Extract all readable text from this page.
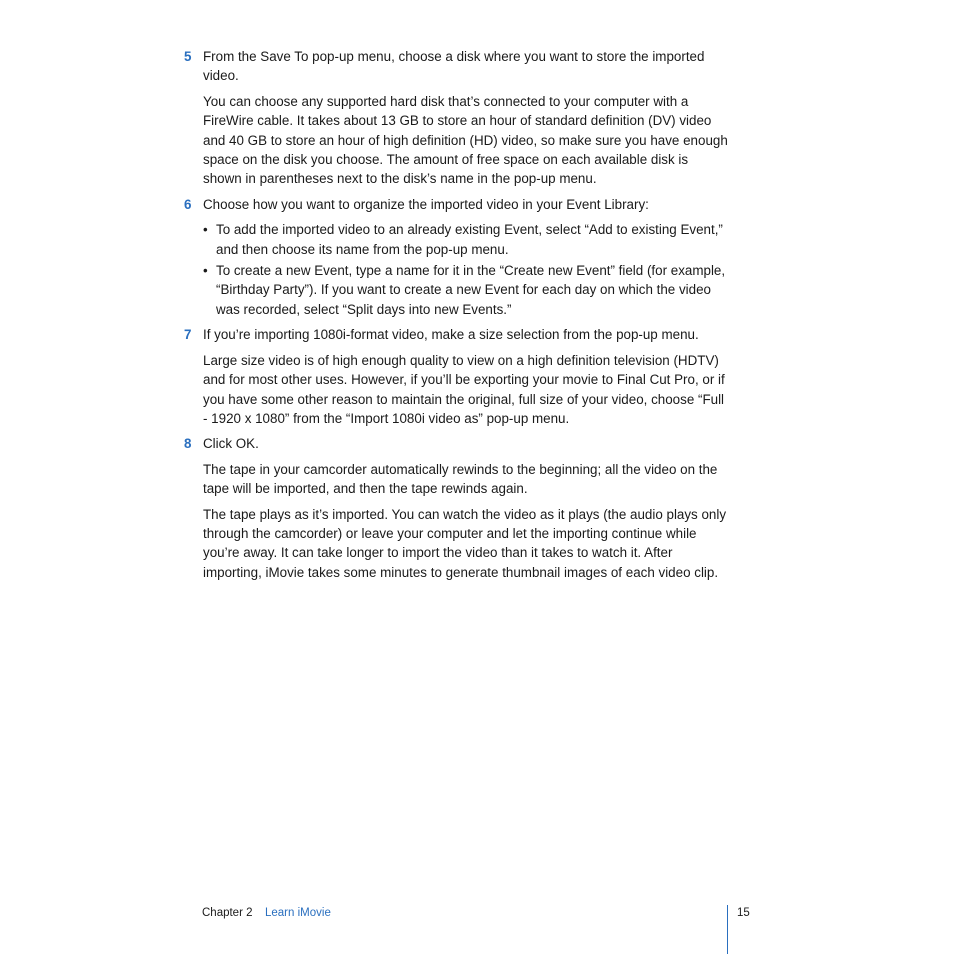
5 From the Save To pop-up menu, choose a disk where you want to store the imported video.
You can choose any supported hard disk that’s connected to your computer with a FireWire cable. It takes about 13 GB to store an hour of standard definition (DV) video and 40 GB to store an hour of high definition (HD) video, so make sure you have enough space on the disk you choose. The amount of free space on each available disk is shown in parentheses next to the disk’s name in the pop-up menu.
6 Choose how you want to organize the imported video in your Event Library:
• To add the imported video to an already existing Event, select “Add to existing Event,” and then choose its name from the pop-up menu.
• To create a new Event, type a name for it in the “Create new Event” field (for example, “Birthday Party”). If you want to create a new Event for each day on which the video was recorded, select “Split days into new Events.”
7 If you’re importing 1080i-format video, make a size selection from the pop-up menu.
Large size video is of high enough quality to view on a high definition television (HDTV) and for most other uses. However, if you’ll be exporting your movie to Final Cut Pro, or if you have some other reason to maintain the original, full size of your video, choose “Full - 1920 x 1080” from the “Import 1080i video as” pop-up menu.
8 Click OK.
The tape in your camcorder automatically rewinds to the beginning; all the video on the tape will be imported, and then the tape rewinds again.
The tape plays as it’s imported. You can watch the video as it plays (the audio plays only through the camcorder) or leave your computer and let the importing continue while you’re away. It can take longer to import the video than it takes to watch it. After importing, iMovie takes some minutes to generate thumbnail images of each video clip.
Chapter 2 Learn iMovie	15
